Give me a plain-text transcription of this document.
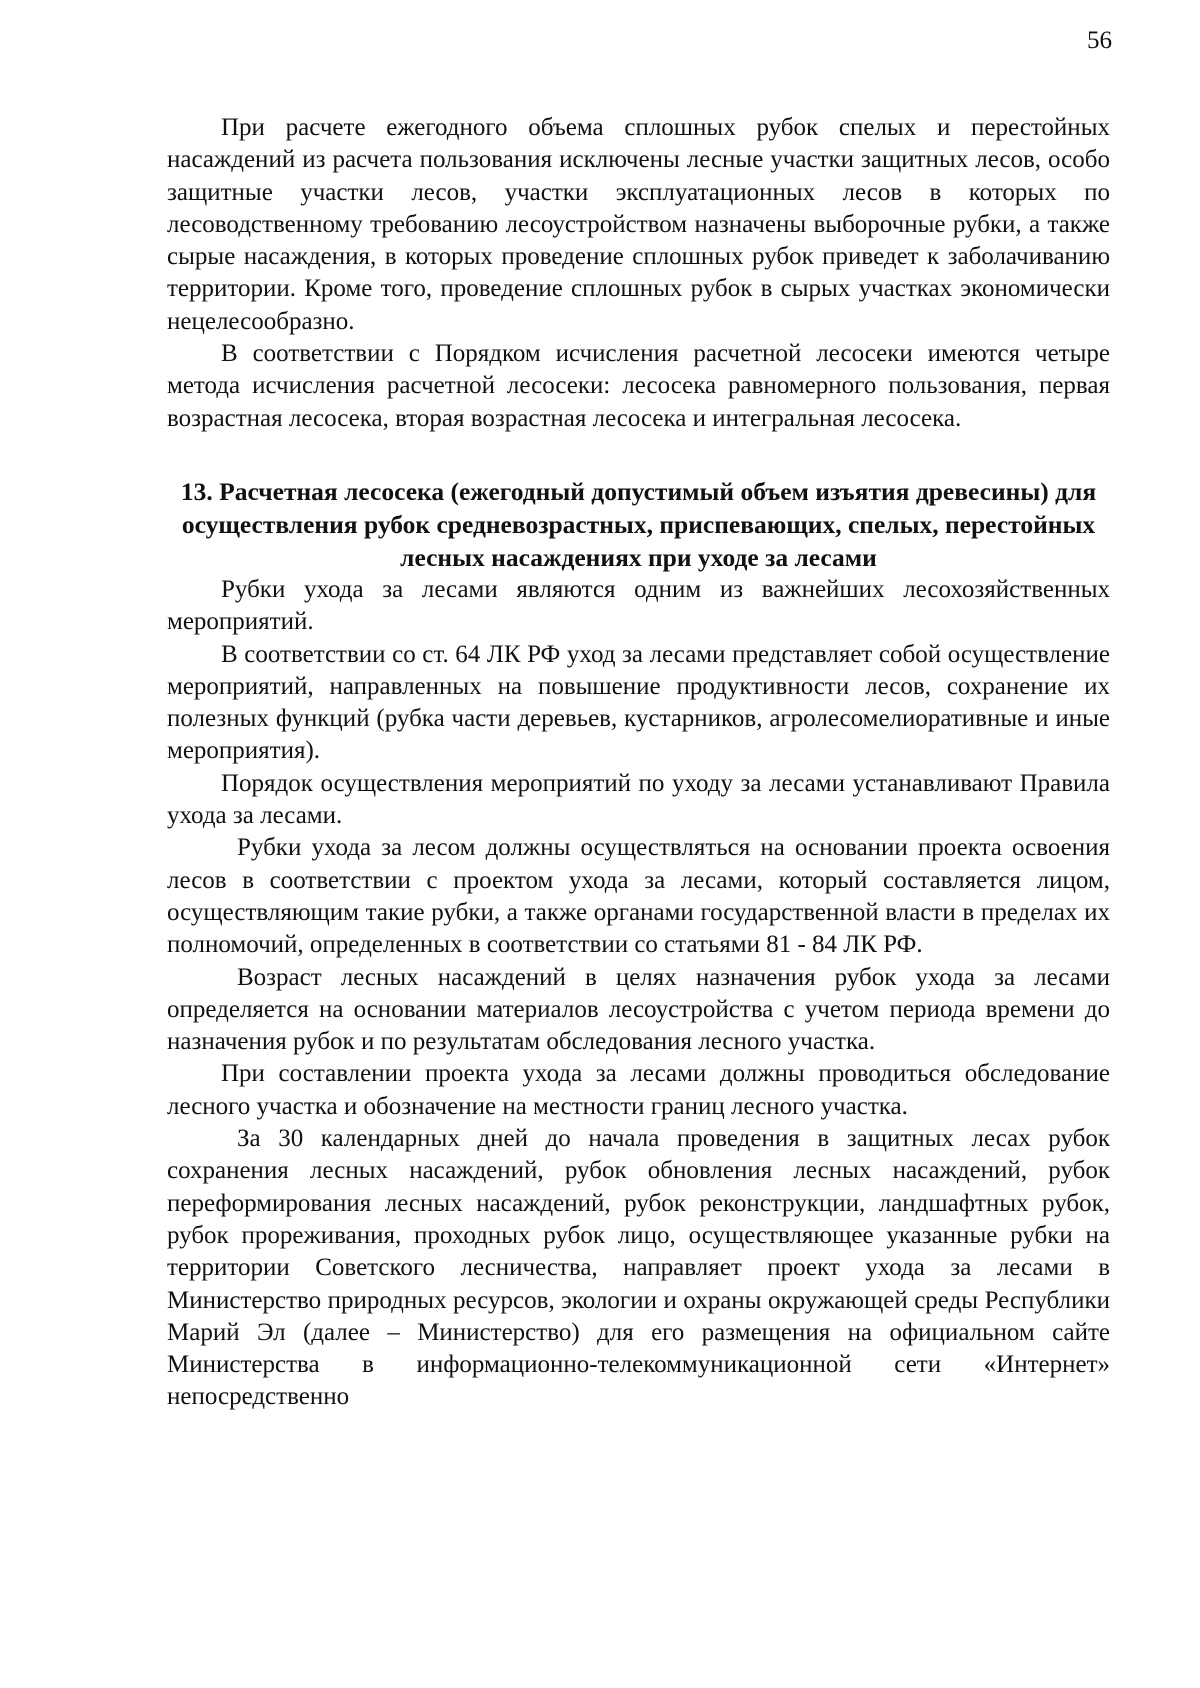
56

При расчете ежегодного объема сплошных рубок спелых и перестойных насаждений из расчета пользования исключены лесные участки защитных лесов, особо защитные участки лесов, участки эксплуатационных лесов в которых по лесоводственному требованию лесоустройством назначены выборочные рубки, а также сырые насаждения, в которых проведение сплошных рубок приведет к заболачиванию территории. Кроме того, проведение сплошных рубок в сырых участках экономически нецелесообразно.

В соответствии с Порядком исчисления расчетной лесосеки имеются четыре метода исчисления расчетной лесосеки: лесосека равномерного пользования, первая возрастная лесосека, вторая возрастная лесосека и интегральная лесосека.

13. Расчетная лесосека (ежегодный допустимый объем изъятия древесины) для осуществления рубок средневозрастных, приспевающих, спелых, перестойных лесных насаждениях при уходе за лесами

Рубки ухода за лесами являются одним из важнейших лесохозяйственных мероприятий.

В соответствии со ст. 64 ЛК РФ уход за лесами представляет собой осуществление мероприятий, направленных на повышение продуктивности лесов, сохранение их полезных функций (рубка части деревьев, кустарников, агролесомелиоративные и иные мероприятия).

Порядок осуществления мероприятий по уходу за лесами устанавливают Правила ухода за лесами.

Рубки ухода за лесом должны осуществляться на основании проекта освоения лесов в соответствии с проектом ухода за лесами, который составляется лицом, осуществляющим такие рубки, а также органами государственной власти в пределах их полномочий, определенных в соответствии со статьями 81 - 84 ЛК РФ.

Возраст лесных насаждений в целях назначения рубок ухода за лесами определяется на основании материалов лесоустройства с учетом периода времени до назначения рубок и по результатам обследования лесного участка.

При составлении проекта ухода за лесами должны проводиться обследование лесного участка и обозначение на местности границ лесного участка.

За 30 календарных дней до начала проведения в защитных лесах рубок сохранения лесных насаждений, рубок обновления лесных насаждений, рубок переформирования лесных насаждений, рубок реконструкции, ландшафтных рубок, рубок прореживания, проходных рубок лицо, осуществляющее указанные рубки на территории Советского лесничества, направляет проект ухода за лесами в Министерство природных ресурсов, экологии и охраны окружающей среды Республики Марий Эл (далее – Министерство) для его размещения на официальном сайте Министерства в информационно-телекоммуникационной сети «Интернет» непосредственно
